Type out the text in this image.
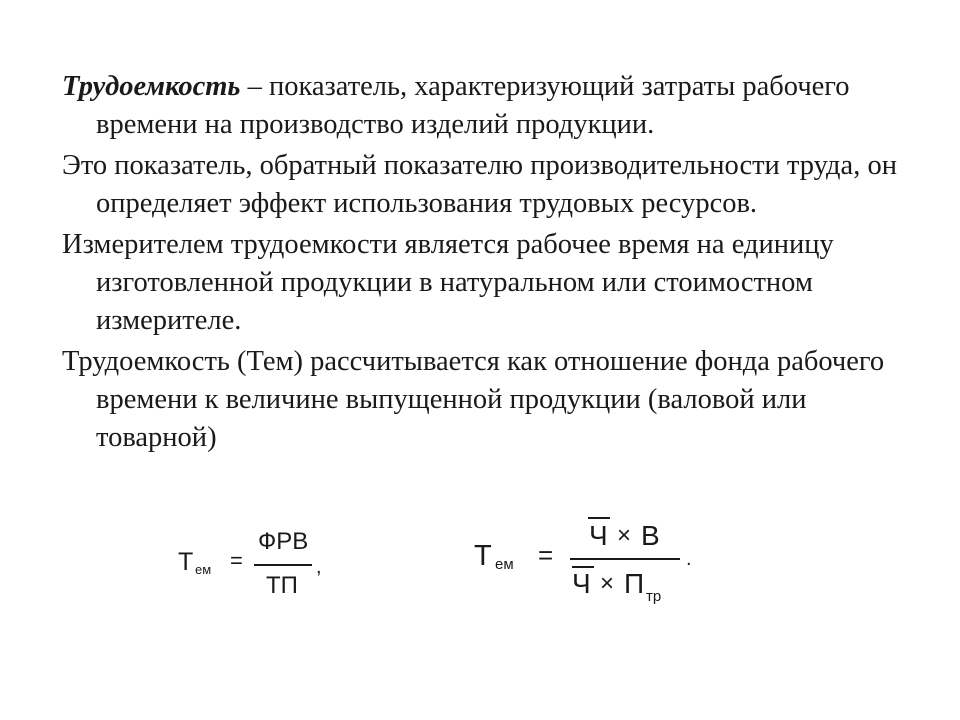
Трудоемкость – показатель, характеризующий затраты рабочего времени на производство изделий продукции.

Это показатель, обратный показателю производительности труда, он определяет эффект использования трудовых ресурсов.

Измерителем трудоемкости является рабочее время на единицу изготовленной продукции в натуральном или стоимостном измерителе.

Трудоемкость (Тем) рассчитывается как отношение фонда рабочего времени к величине выпущенной продукции (валовой или товарной)

Т ем =
ФРВ
ТП
,	Т ем =
Ч × В
Ч × П тр
.
